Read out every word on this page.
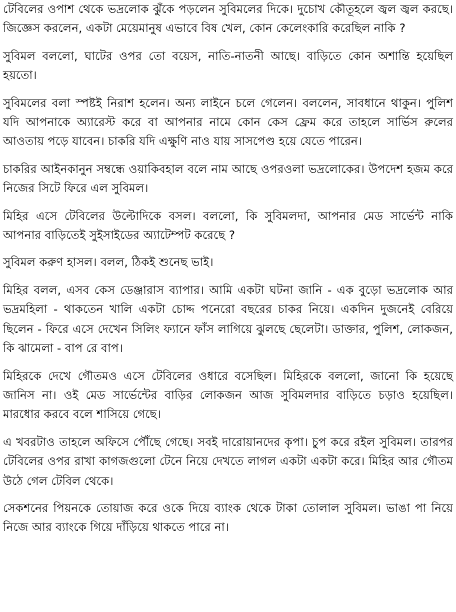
টেবিলের ওপাশ থেকে ভদ্রলোক ঝুঁকে পড়লেন সুবিমলের দিকে। দুচোখ কৌতূহলে জ্বল জ্বল করছে। জিজ্ঞেস করলেন, একটা মেয়েমানুষ এভাবে বিষ খেল, কোন কেলেংকারি করেছিল নাকি ?

সুবিমল বললো, ঘাটের ওপর তো বয়েস, নাতি-নাতনী আছে। বাড়িতে কোন অশান্তি হয়েছিল হয়তো।

সুবিমলের বলা স্পষ্টই নিরাশ হলেন। অন্য লাইনে চলে গেলেন। বললেন, সাবধানে থাকুন। পুলিশ যদি আপনাকে অ্যারেস্ট করে বা আপনার নামে কোন কেস ফ্রেম করে তাহলে সার্ভিস রুলের আওতায় পড়ে যাবেন। চাকরি যদি এক্ষুণি নাও যায় সাসপেণ্ড হয়ে যেতে পারেন।

চাকরির আইনকানুন সম্বন্ধে ওয়াকিবহাল বলে নাম আছে ওপরওলা ভদ্রলোকের। উপদেশ হজম করে নিজের সিটে ফিরে এল সুবিমল।

মিহির এসে টেবিলের উল্টোদিকে বসল। বললো, কি সুবিমলদা, আপনার মেড সার্ভেন্ট নাকি আপনার বাড়িতেই সুইসাইডের অ্যাটেম্পট করেছে ?

সুবিমল করুণ হাসল। বলল, ঠিকই শুনেছ ভাই।

মিহির বলল, এসব কেস ডেঞ্জারাস ব্যাপার। আমি একটা ঘটনা জানি - এক বুড়ো ভদ্রলোক আর ভদ্রমহিলা - থাকতেন খালি একটা চোদ্দ পনেরো বছরের চাকর নিয়ে। একদিন দুজনেই বেরিয়ে ছিলেন - ফিরে এসে দেখেন সিলিং ফ্যানে ফাঁস লাগিয়ে ঝুলছে ছেলেটা। ডাক্তার, পুলিশ, লোকজন, কি ঝামেলা - বাপ রে বাপ।

মিহিরকে দেখে গৌতমও এসে টেবিলের ওধারে বসেছিল। মিহিরকে বললো, জানো কি হয়েছে জানিস না। ওই মেড সার্ভেন্টের বাড়ির লোকজন আজ সুবিমলদার বাড়িতে চড়াও হয়েছিল। মারধোর করবে বলে শাসিয়ে গেছে।

এ খবরটাও তাহলে অফিসে পৌঁছে গেছে। সবই দারোয়ানদের কৃপা। চুপ করে রইল সুবিমল। তারপর টেবিলের ওপর রাখা কাগজগুলো টেনে নিয়ে দেখতে লাগল একটা একটা করে। মিহির আর গৌতম উঠে গেল টেবিল থেকে।

সেকশনের পিয়নকে তোয়াজ করে ওকে দিয়ে ব্যাংক থেকে টাকা তোলাল সুবিমল। ভাঙা পা নিয়ে নিজে আর ব্যাংকে গিয়ে দাঁড়িয়ে থাকতে পারে না।
